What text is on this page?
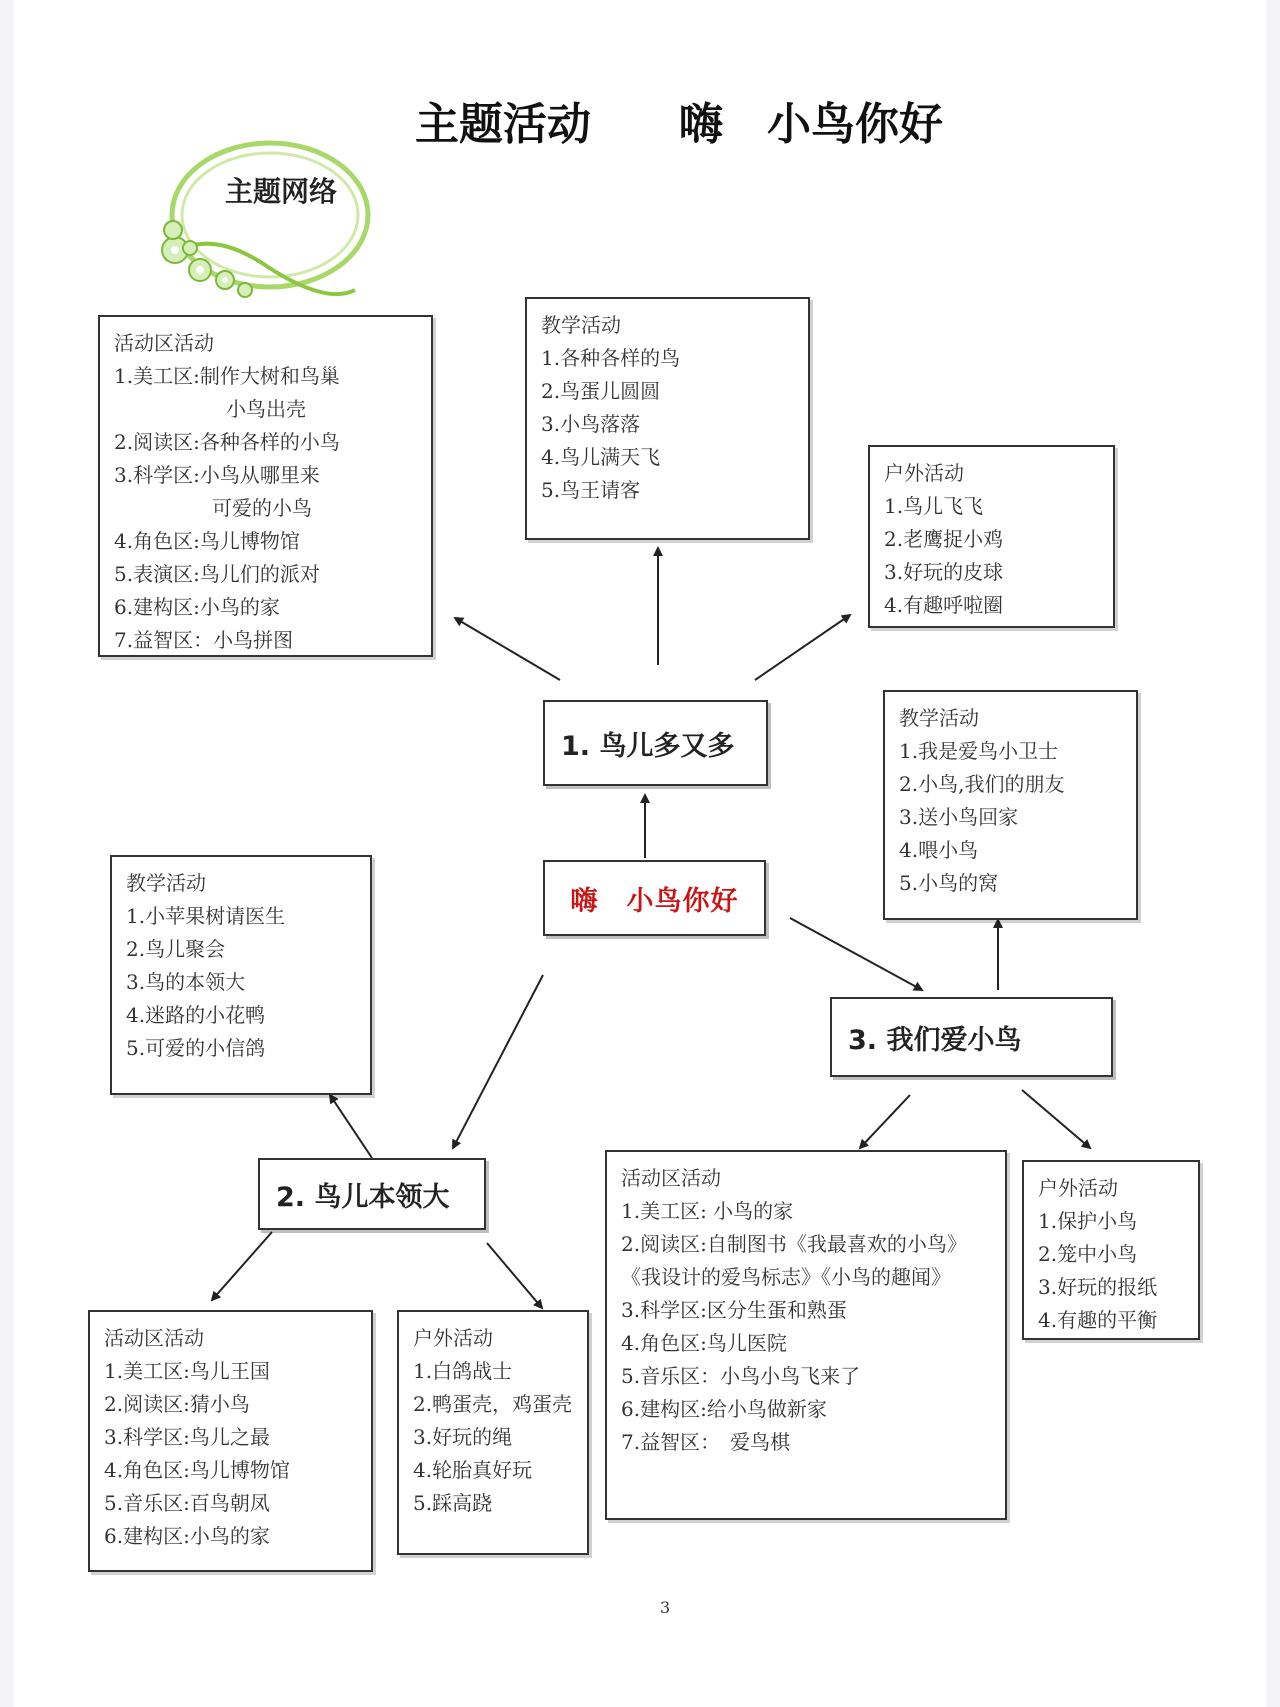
主题活动　　嗨　小鸟你好
主题网络
嗨　小鸟你好
1. 鸟儿多又多
2. 鸟儿本领大
3. 我们爱小鸟
活动区活动
1.美工区:制作大树和鸟巢
小鸟出壳
2.阅读区:各种各样的小鸟
3.科学区:小鸟从哪里来
可爱的小鸟
4.角色区:鸟儿博物馆
5.表演区:鸟儿们的派对
6.建构区:小鸟的家
7.益智区：小鸟拼图
教学活动
1.各种各样的鸟
2.鸟蛋儿圆圆
3.小鸟落落
4.鸟儿满天飞
5.鸟王请客
户外活动
1.鸟儿飞飞
2.老鹰捉小鸡
3.好玩的皮球
4.有趣呼啦圈
教学活动
1.我是爱鸟小卫士
2.小鸟,我们的朋友
3.送小鸟回家
4.喂小鸟
5.小鸟的窝
教学活动
1.小苹果树请医生
2.鸟儿聚会
3.鸟的本领大
4.迷路的小花鸭
5.可爱的小信鸽
活动区活动
1.美工区:鸟儿王国
2.阅读区:猜小鸟
3.科学区:鸟儿之最
4.角色区:鸟儿博物馆
5.音乐区:百鸟朝凤
6.建构区:小鸟的家
户外活动
1.白鸽战士
2.鸭蛋壳，鸡蛋壳
3.好玩的绳
4.轮胎真好玩
5.踩高跷
活动区活动
1.美工区: 小鸟的家
2.阅读区:自制图书《我最喜欢的小鸟》
《我设计的爱鸟标志》《小鸟的趣闻》
3.科学区:区分生蛋和熟蛋
4.角色区:鸟儿医院
5.音乐区：小鸟小鸟飞来了
6.建构区:给小鸟做新家
7.益智区：　爱鸟棋
户外活动
1.保护小鸟
2.笼中小鸟
3.好玩的报纸
4.有趣的平衡
3
